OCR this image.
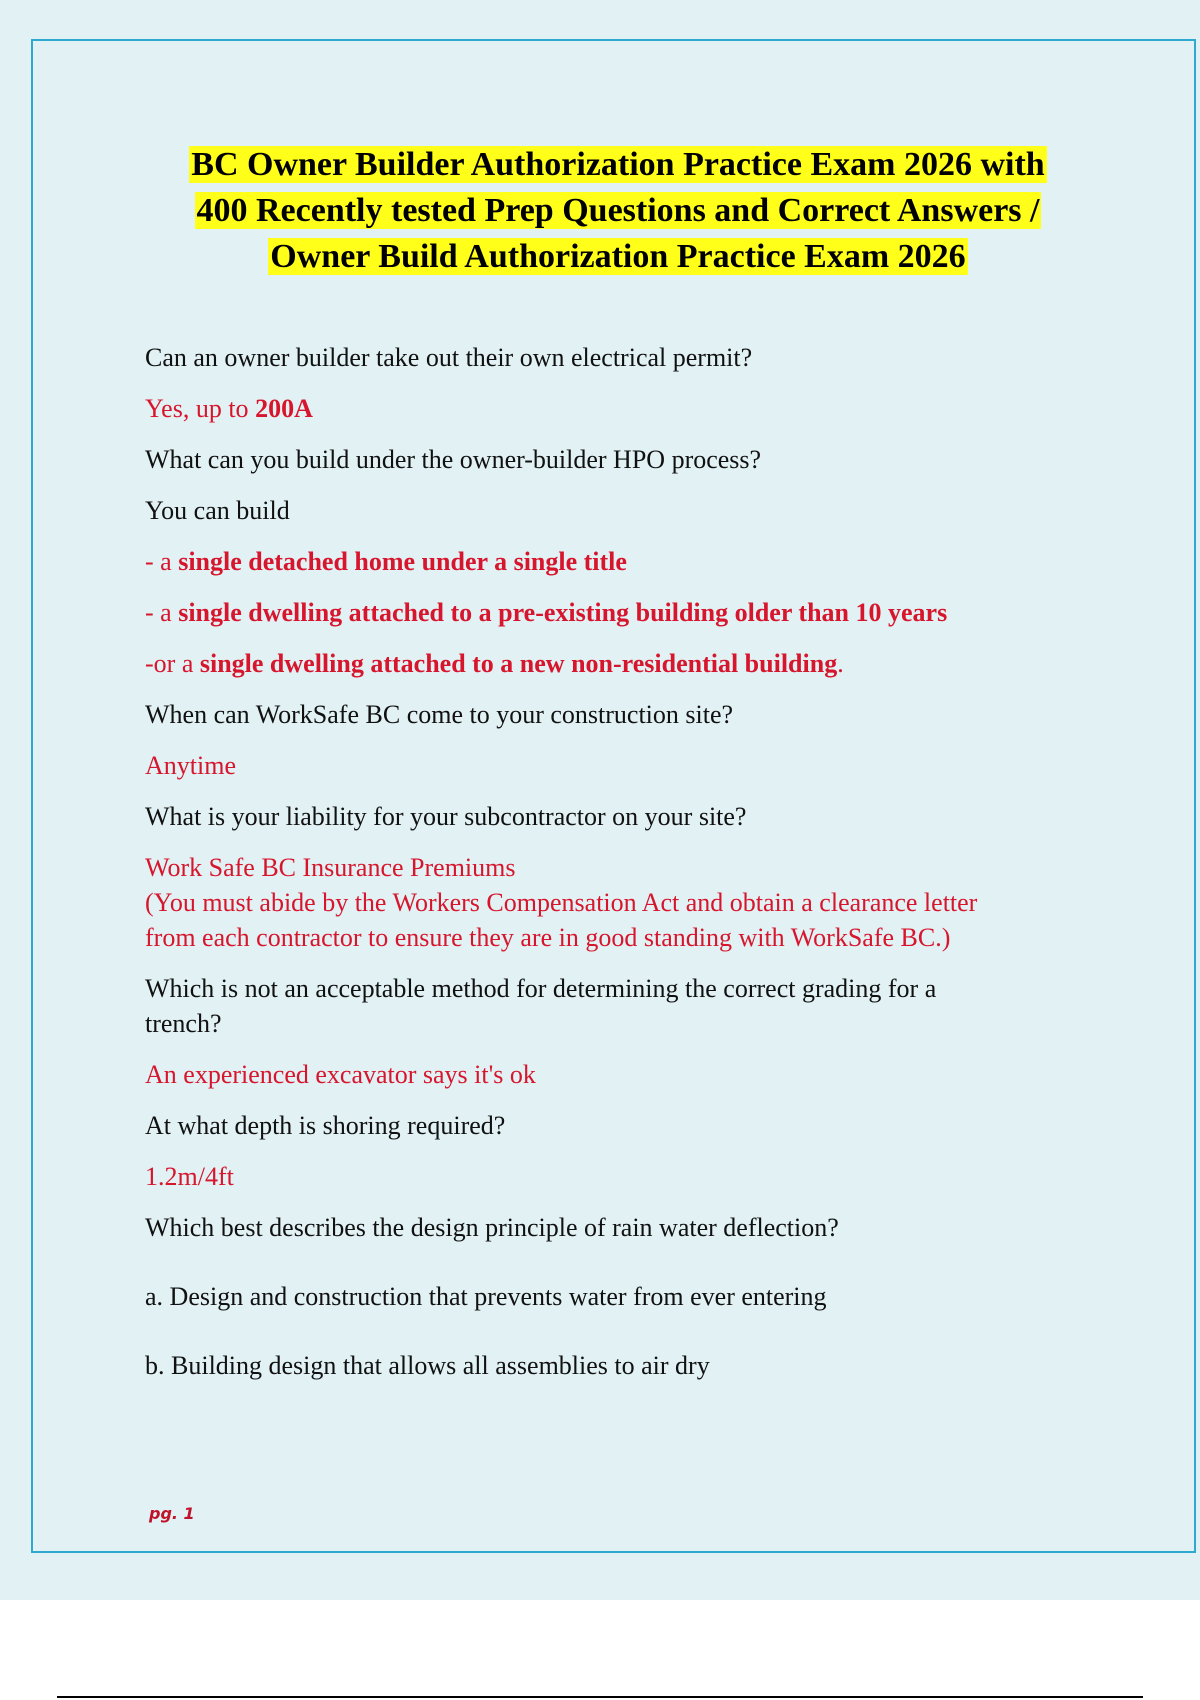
BC Owner Builder Authorization Practice Exam 2026 with
400 Recently tested Prep Questions and Correct Answers /
Owner Build Authorization Practice Exam 2026

Can an owner builder take out their own electrical permit?

Yes, up to 200A

What can you build under the owner-builder HPO process?

You can build

- a single detached home under a single title

- a single dwelling attached to a pre-existing building older than 10 years

-or a single dwelling attached to a new non-residential building.

When can WorkSafe BC come to your construction site?

Anytime

What is your liability for your subcontractor on your site?

Work Safe BC Insurance Premiums

(You must abide by the Workers Compensation Act and obtain a clearance letter

from each contractor to ensure they are in good standing with WorkSafe BC.)

Which is not an acceptable method for determining the correct grading for a

trench?

An experienced excavator says it's ok

At what depth is shoring required?

1.2m/4ft

Which best describes the design principle of rain water deflection?

a. Design and construction that prevents water from ever entering

b. Building design that allows all assemblies to air dry

pg. 1
